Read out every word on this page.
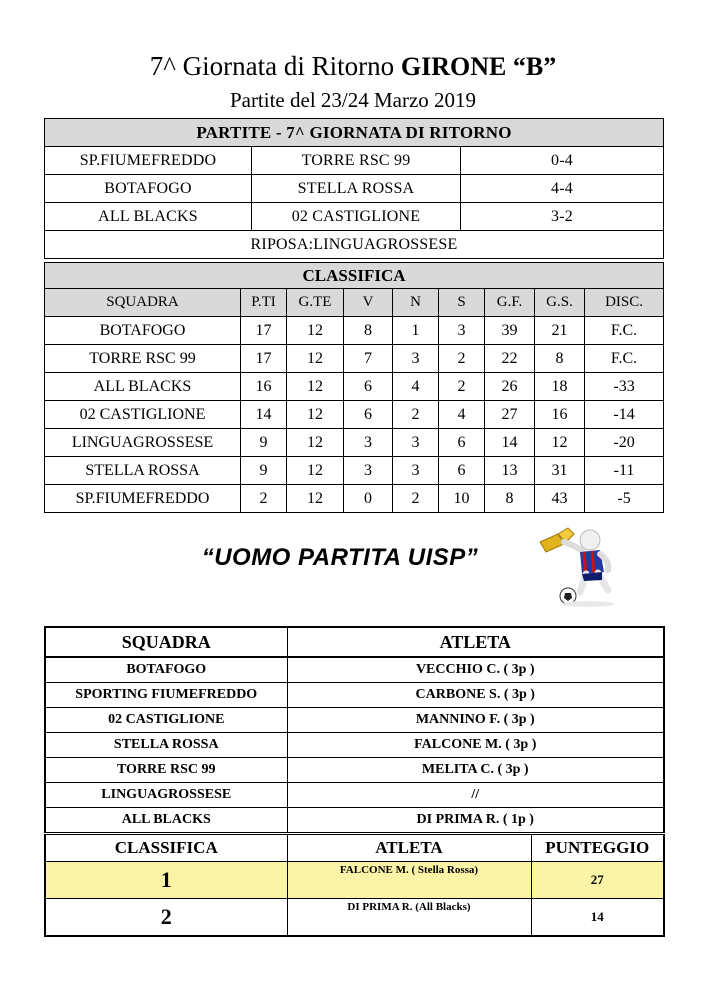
7^ Giornata di Ritorno GIRONE “B”
Partite del 23/24 Marzo 2019
PARTITE - 7^ GIORNATA DI RITORNO		
SP.FIUMEFREDDO	TORRE RSC 99	0-4
BOTAFOGO	STELLA ROSSA	4-4
ALL BLACKS	02 CASTIGLIONE	3-2
RIPOSA:LINGUAGROSSESE		
CLASSIFICA								
SQUADRA	P.TI	G.TE	V	N	S	G.F.	G.S.	DISC.
BOTAFOGO	17	12	8	1	3	39	21	F.C.
TORRE RSC 99	17	12	7	3	2	22	8	F.C.
ALL BLACKS	16	12	6	4	2	26	18	-33
02 CASTIGLIONE	14	12	6	2	4	27	16	-14
LINGUAGROSSESE	9	12	3	3	6	14	12	-20
STELLA ROSSA	9	12	3	3	6	13	31	-11
SP.FIUMEFREDDO	2	12	0	2	10	8	43	-5
“UOMO PARTITA UISP”
SQUADRA	ATLETA
BOTAFOGO	VECCHIO C. ( 3p )
SPORTING FIUMEFREDDO	CARBONE S. ( 3p )
02 CASTIGLIONE	MANNINO F. ( 3p )
STELLA ROSSA	FALCONE M. ( 3p )
TORRE RSC 99	MELITA C. ( 3p )
LINGUAGROSSESE	//
ALL BLACKS	DI PRIMA R. ( 1p )
CLASSIFICA	ATLETA	PUNTEGGIO
1	FALCONE M. ( Stella Rossa)	27
2	DI PRIMA R. (All Blacks)	14
